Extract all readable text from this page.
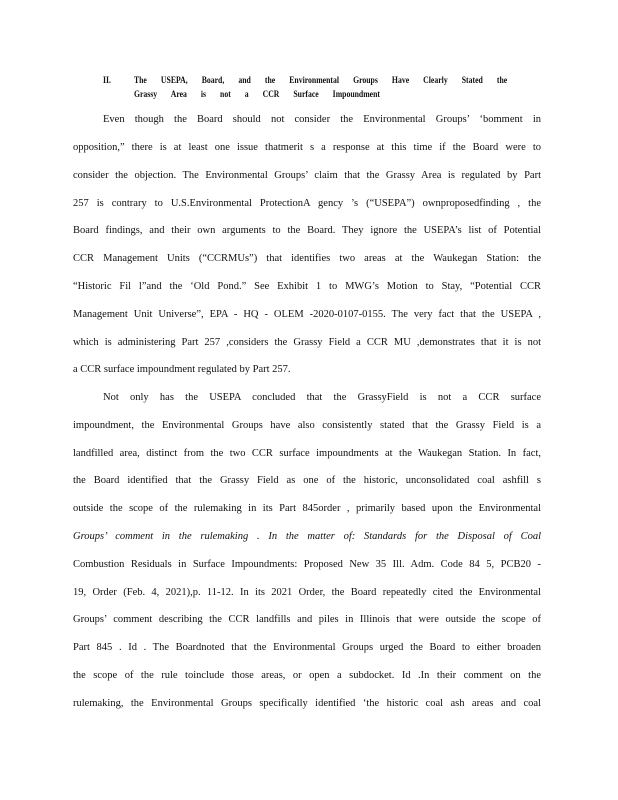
II.	The USEPA, Board, and the Environmental Groups Have Clearly Stated the
Grassy Area is not a CCR Surface Impoundment
Even though the Board should not consider the Environmental Groups’ ‘bomment in
opposition,” there is at least one issue thatmerit s a response at this time if the Board were to
consider the objection. The Environmental Groups’ claim that the Grassy Area is regulated by Part
257 is contrary to U.S.Environmental ProtectionA gency ’s (“USEPA”) ownproposedfinding , the
Board findings, and their own arguments to the Board. They ignore the USEPA’s list of Potential
CCR Management Units (“CCRMUs”) that identifies two areas at the Waukegan Station: the
“Historic Fil l”and the ‘Old Pond.” See Exhibit 1 to MWG’s Motion to Stay, “Potential CCR
Management Unit Universe”, EPA - HQ - OLEM -2020-0107-0155. The very fact that the USEPA ,
which is administering Part 257 ,considers the Grassy Field a CCR MU ,demonstrates that it is not
a CCR surface impoundment regulated by Part 257.
Not only has the USEPA concluded that the GrassyField is not a CCR surface
impoundment, the Environmental Groups have also consistently stated that the Grassy Field is a
landfilled area, distinct from the two CCR surface impoundments at the Waukegan Station. In fact,
the Board identified that the Grassy Field as one of the historic, unconsolidated coal ashfill s
outside the scope of the rulemaking in its Part 845order , primarily based upon the Environmental
Groups’ comment in the rulemaking . In the matter of: Standards for the Disposal of Coal
Combustion Residuals in Surface Impoundments: Proposed New 35 Ill. Adm. Code 84 5, PCB20 -
19, Order (Feb. 4, 2021),p. 11-12. In its 2021 Order, the Board repeatedly cited the Environmental
Groups’ comment describing the CCR landfills and piles in Illinois that were outside the scope of
Part 845 . Id . The Boardnoted that the Environmental Groups urged the Board to either broaden
the scope of the rule toinclude those areas, or open a subdocket. Id .In their comment on the
rulemaking, the Environmental Groups specifically identified ‘the historic coal ash areas and coal
